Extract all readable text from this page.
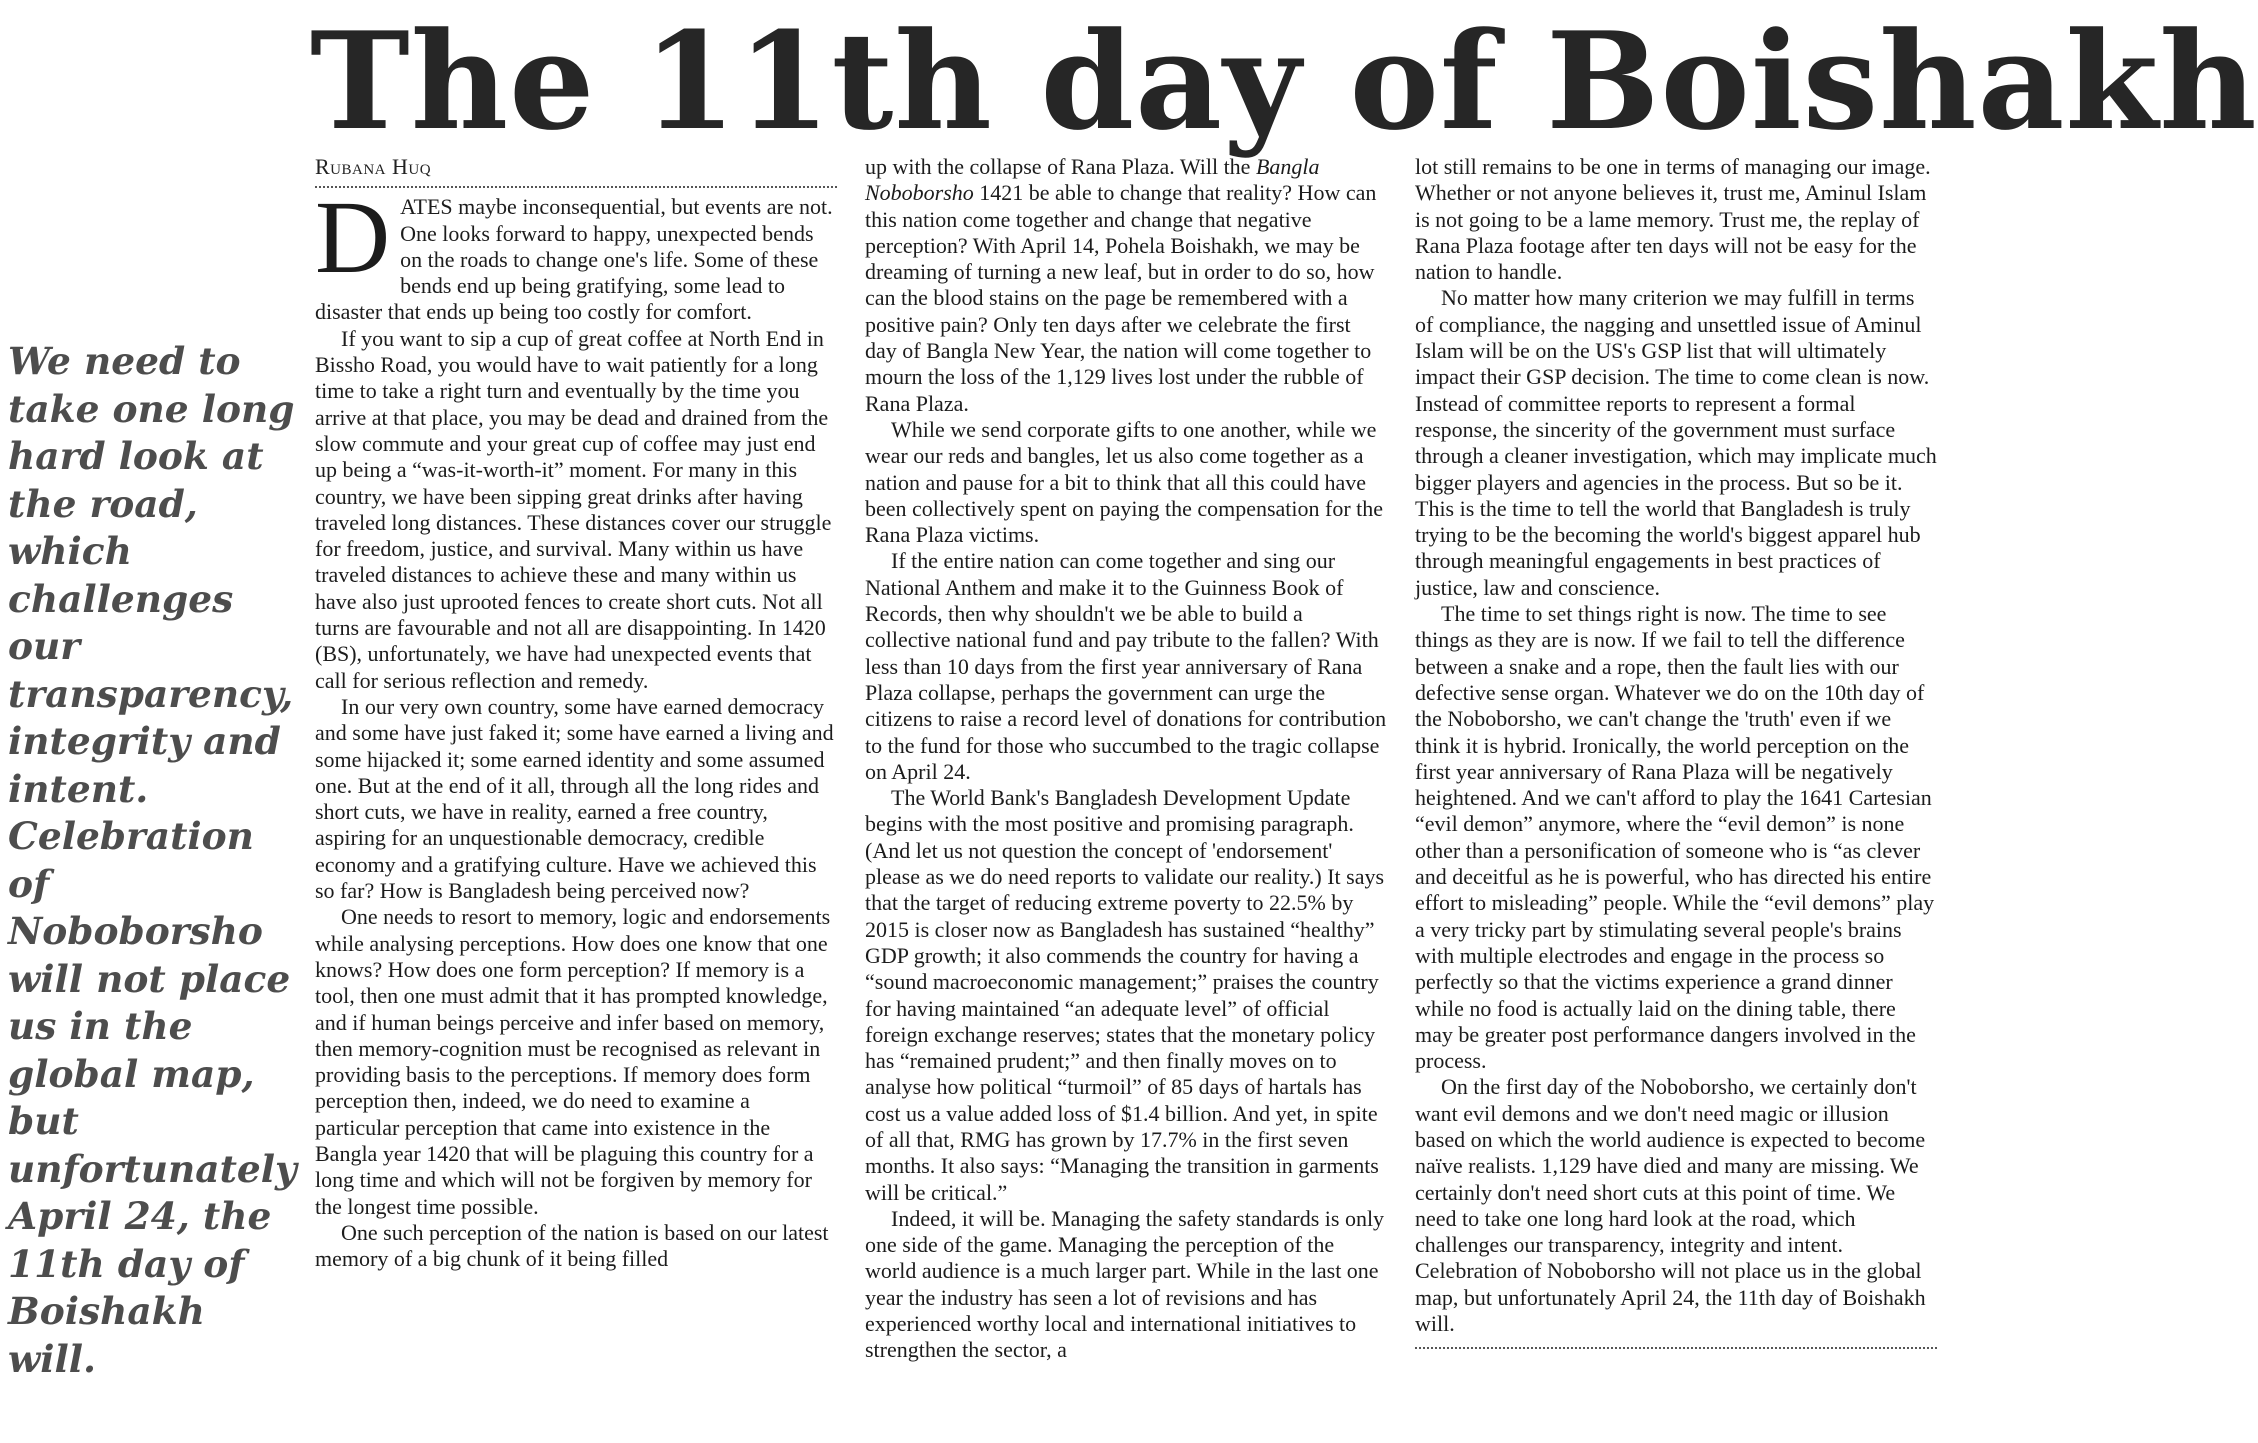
The 11th day of Boishakh

We need to take one long hard look at the road, which challenges our transparency, integrity and intent. Celebration of Noboborsho will not place us in the global map, but unfortunately April 24, the 11th day of Boishakh will.

Rubana Huq

DATES maybe inconsequential, but events are not. One looks forward to happy, unexpected bends on the roads to change one's life. Some of these bends end up being gratifying, some lead to disaster that ends up being too costly for comfort.

If you want to sip a cup of great coffee at North End in Bissho Road, you would have to wait patiently for a long time to take a right turn and eventually by the time you arrive at that place, you may be dead and drained from the slow commute and your great cup of coffee may just end up being a “was-it-worth-it” moment. For many in this country, we have been sipping great drinks after having traveled long distances. These distances cover our struggle for freedom, justice, and survival. Many within us have traveled distances to achieve these and many within us have also just uprooted fences to create short cuts. Not all turns are favourable and not all are disappointing. In 1420 (BS), unfortunately, we have had unexpected events that call for serious reflection and remedy.

In our very own country, some have earned democracy and some have just faked it; some have earned a living and some hijacked it; some earned identity and some assumed one. But at the end of it all, through all the long rides and short cuts, we have in reality, earned a free country, aspiring for an unquestionable democracy, credible economy and a gratifying culture. Have we achieved this so far? How is Bangladesh being perceived now?

One needs to resort to memory, logic and endorsements while analysing perceptions. How does one know that one knows? How does one form perception? If memory is a tool, then one must admit that it has prompted knowledge, and if human beings perceive and infer based on memory, then memory-cognition must be recognised as relevant in providing basis to the perceptions. If memory does form perception then, indeed, we do need to examine a particular perception that came into existence in the Bangla year 1420 that will be plaguing this country for a long time and which will not be forgiven by memory for the longest time possible.

One such perception of the nation is based on our latest memory of a big chunk of it being filled

up with the collapse of Rana Plaza. Will the Bangla Noboborsho 1421 be able to change that reality? How can this nation come together and change that negative perception? With April 14, Pohela Boishakh, we may be dreaming of turning a new leaf, but in order to do so, how can the blood stains on the page be remembered with a positive pain? Only ten days after we celebrate the first day of Bangla New Year, the nation will come together to mourn the loss of the 1,129 lives lost under the rubble of Rana Plaza.

While we send corporate gifts to one another, while we wear our reds and bangles, let us also come together as a nation and pause for a bit to think that all this could have been collectively spent on paying the compensation for the Rana Plaza victims.

If the entire nation can come together and sing our National Anthem and make it to the Guinness Book of Records, then why shouldn't we be able to build a collective national fund and pay tribute to the fallen? With less than 10 days from the first year anniversary of Rana Plaza collapse, perhaps the government can urge the citizens to raise a record level of donations for contribution to the fund for those who succumbed to the tragic collapse on April 24.

The World Bank's Bangladesh Development Update begins with the most positive and promising paragraph. (And let us not question the concept of 'endorsement' please as we do need reports to validate our reality.) It says that the target of reducing extreme poverty to 22.5% by 2015 is closer now as Bangladesh has sustained “healthy” GDP growth; it also commends the country for having a “sound macroeconomic management;” praises the country for having maintained “an adequate level” of official foreign exchange reserves; states that the monetary policy has “remained prudent;” and then finally moves on to analyse how political “turmoil” of 85 days of hartals has cost us a value added loss of $1.4 billion. And yet, in spite of all that, RMG has grown by 17.7% in the first seven months. It also says: “Managing the transition in garments will be critical.”

Indeed, it will be. Managing the safety standards is only one side of the game. Managing the perception of the world audience is a much larger part. While in the last one year the industry has seen a lot of revisions and has experienced worthy local and international initiatives to strengthen the sector, a

lot still remains to be one in terms of managing our image. Whether or not anyone believes it, trust me, Aminul Islam is not going to be a lame memory. Trust me, the replay of Rana Plaza footage after ten days will not be easy for the nation to handle.

No matter how many criterion we may fulfill in terms of compliance, the nagging and unsettled issue of Aminul Islam will be on the US's GSP list that will ultimately impact their GSP decision. The time to come clean is now. Instead of committee reports to represent a formal response, the sincerity of the government must surface through a cleaner investigation, which may implicate much bigger players and agencies in the process. But so be it. This is the time to tell the world that Bangladesh is truly trying to be the becoming the world's biggest apparel hub through meaningful engagements in best practices of justice, law and conscience.

The time to set things right is now. The time to see things as they are is now. If we fail to tell the difference between a snake and a rope, then the fault lies with our defective sense organ. Whatever we do on the 10th day of the Noboborsho, we can't change the 'truth' even if we think it is hybrid. Ironically, the world perception on the first year anniversary of Rana Plaza will be negatively heightened. And we can't afford to play the 1641 Cartesian “evil demon” anymore, where the “evil demon” is none other than a personification of someone who is “as clever and deceitful as he is powerful, who has directed his entire effort to misleading” people. While the “evil demons” play a very tricky part by stimulating several people's brains with multiple electrodes and engage in the process so perfectly so that the victims experience a grand dinner while no food is actually laid on the dining table, there may be greater post performance dangers involved in the process.

On the first day of the Noboborsho, we certainly don't want evil demons and we don't need magic or illusion based on which the world audience is expected to become naïve realists. 1,129 have died and many are missing. We certainly don't need short cuts at this point of time. We need to take one long hard look at the road, which challenges our transparency, integrity and intent. Celebration of Noboborsho will not place us in the global map, but unfortunately April 24, the 11th day of Boishakh will.
